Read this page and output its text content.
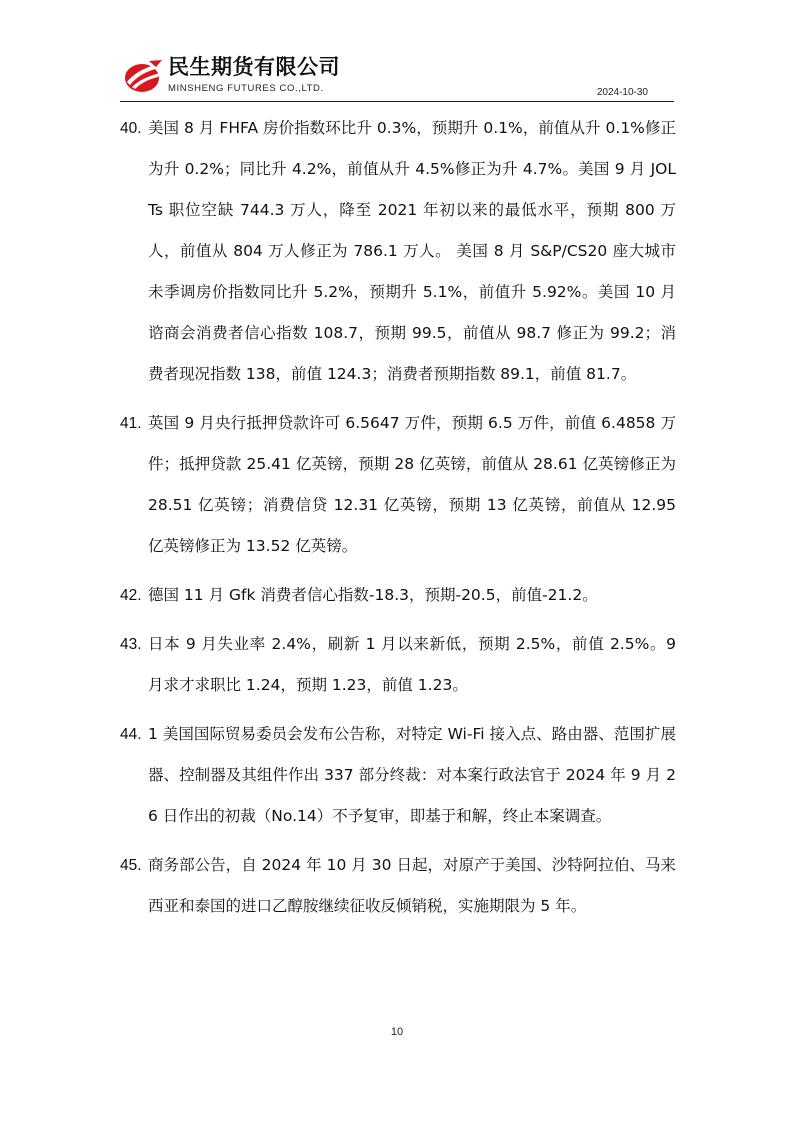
民生期货有限公司
MINSHENG FUTURES CO.,LTD.	2024-10-30
40. 美国 8 月 FHFA 房价指数环比升 0.3%，预期升 0.1%，前值从升 0.1%修正为升 0.2%；同比升 4.2%，前值从升 4.5%修正为升 4.7%。美国 9 月 JOLTs 职位空缺 744.3 万人，降至 2021 年初以来的最低水平，预期 800 万人，前值从 804 万人修正为 786.1 万人。 美国 8 月 S&P/CS20 座大城市未季调房价指数同比升 5.2%，预期升 5.1%，前值升 5.92%。美国 10 月谘商会消费者信心指数 108.7，预期 99.5，前值从 98.7 修正为 99.2；消费者现况指数 138，前值 124.3；消费者预期指数 89.1，前值 81.7。
41. 英国 9 月央行抵押贷款许可 6.5647 万件，预期 6.5 万件，前值 6.4858 万件；抵押贷款 25.41 亿英镑，预期 28 亿英镑，前值从 28.61 亿英镑修正为 28.51 亿英镑；消费信贷 12.31 亿英镑，预期 13 亿英镑，前值从 12.95 亿英镑修正为 13.52 亿英镑。
42. 德国 11 月 Gfk 消费者信心指数-18.3，预期-20.5，前值-21.2。
43. 日本 9 月失业率 2.4%，刷新 1 月以来新低，预期 2.5%，前值 2.5%。9 月求才求职比 1.24，预期 1.23，前值 1.23。
44. 1 美国国际贸易委员会发布公告称，对特定 Wi-Fi 接入点、路由器、范围扩展器、控制器及其组件作出 337 部分终裁：对本案行政法官于 2024 年 9 月 26 日作出的初裁（No.14）不予复审，即基于和解，终止本案调查。
45. 商务部公告，自 2024 年 10 月 30 日起，对原产于美国、沙特阿拉伯、马来西亚和泰国的进口乙醇胺继续征收反倾销税，实施期限为 5 年。
10
